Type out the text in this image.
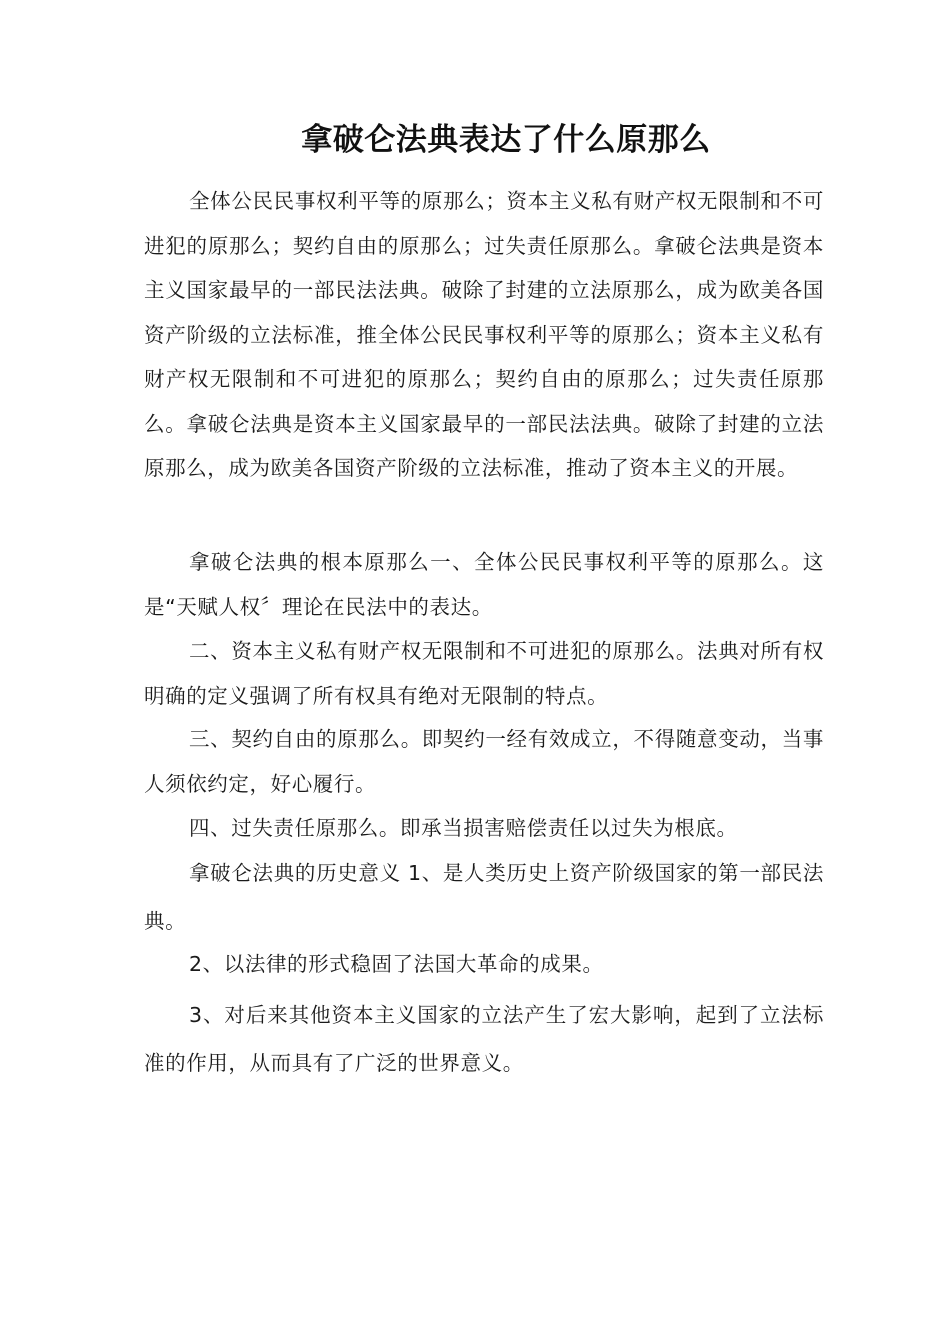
拿破仑法典表达了什么原那么

全体公民民事权利平等的原那么；资本主义私有财产权无限制和不可进犯的原那么；契约自由的原那么；过失责任原那么。拿破仑法典是资本主义国家最早的一部民法法典。破除了封建的立法原那么，成为欧美各国资产阶级的立法标准，推全体公民民事权利平等的原那么；资本主义私有财产权无限制和不可进犯的原那么；契约自由的原那么；过失责任原那么。拿破仑法典是资本主义国家最早的一部民法法典。破除了封建的立法原那么，成为欧美各国资产阶级的立法标准，推动了资本主义的开展。

拿破仑法典的根本原那么一、全体公民民事权利平等的原那么。这是“天赋人权〞理论在民法中的表达。

二、资本主义私有财产权无限制和不可进犯的原那么。法典对所有权明确的定义强调了所有权具有绝对无限制的特点。

三、契约自由的原那么。即契约一经有效成立，不得随意变动，当事人须依约定，好心履行。

四、过失责任原那么。即承当损害赔偿责任以过失为根底。

拿破仑法典的历史意义 1、是人类历史上资产阶级国家的第一部民法典。

2、以法律的形式稳固了法国大革命的成果。

3、对后来其他资本主义国家的立法产生了宏大影响，起到了立法标准的作用，从而具有了广泛的世界意义。
